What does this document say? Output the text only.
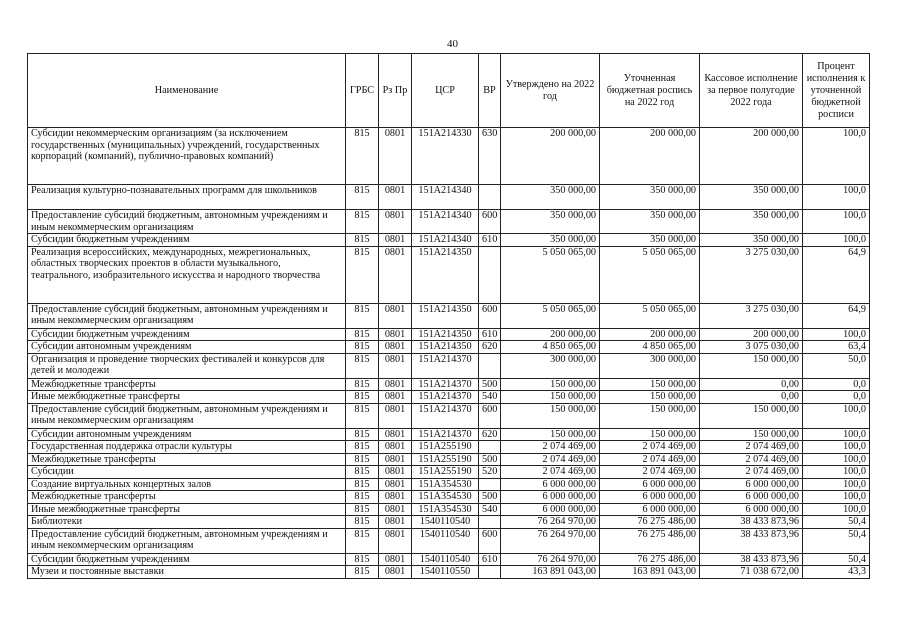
40
Наименование	ГРБС	Рз Пр	ЦСР	ВР	Утверждено на 2022 год	Уточненная бюджетная роспись на 2022 год	Кассовое исполнение за первое полугодие 2022 года	Процент исполнения к уточненной бюджетной росписи
Субсидии некоммерческим организациям (за исключением государственных (муниципальных) учреждений, государственных корпораций (компаний), публично-правовых компаний)	815	0801	151A214330	630	200 000,00	200 000,00	200 000,00	100,0
Реализация культурно-познавательных программ для школьников	815	0801	151A214340		350 000,00	350 000,00	350 000,00	100,0
Предоставление субсидий бюджетным, автономным учреждениям и иным некоммерческим организациям	815	0801	151A214340	600	350 000,00	350 000,00	350 000,00	100,0
Субсидии бюджетным учреждениям	815	0801	151A214340	610	350 000,00	350 000,00	350 000,00	100,0
Реализация всероссийских, международных, межрегиональных, областных творческих проектов в области музыкального, театрального, изобразительного искусства и народного творчества	815	0801	151A214350		5 050 065,00	5 050 065,00	3 275 030,00	64,9
Предоставление субсидий бюджетным, автономным учреждениям и иным некоммерческим организациям	815	0801	151A214350	600	5 050 065,00	5 050 065,00	3 275 030,00	64,9
Субсидии бюджетным учреждениям	815	0801	151A214350	610	200 000,00	200 000,00	200 000,00	100,0
Субсидии автономным учреждениям	815	0801	151A214350	620	4 850 065,00	4 850 065,00	3 075 030,00	63,4
Организация и проведение творческих фестивалей и конкурсов для детей и молодежи	815	0801	151A214370		300 000,00	300 000,00	150 000,00	50,0
Межбюджетные трансферты	815	0801	151A214370	500	150 000,00	150 000,00	0,00	0,0
Иные межбюджетные трансферты	815	0801	151A214370	540	150 000,00	150 000,00	0,00	0,0
Предоставление субсидий бюджетным, автономным учреждениям и иным некоммерческим организациям	815	0801	151A214370	600	150 000,00	150 000,00	150 000,00	100,0
Субсидии автономным учреждениям	815	0801	151A214370	620	150 000,00	150 000,00	150 000,00	100,0
Государственная поддержка отрасли культуры	815	0801	151A255190		2 074 469,00	2 074 469,00	2 074 469,00	100,0
Межбюджетные трансферты	815	0801	151A255190	500	2 074 469,00	2 074 469,00	2 074 469,00	100,0
Субсидии	815	0801	151A255190	520	2 074 469,00	2 074 469,00	2 074 469,00	100,0
Создание виртуальных концертных залов	815	0801	151A354530		6 000 000,00	6 000 000,00	6 000 000,00	100,0
Межбюджетные трансферты	815	0801	151A354530	500	6 000 000,00	6 000 000,00	6 000 000,00	100,0
Иные межбюджетные трансферты	815	0801	151A354530	540	6 000 000,00	6 000 000,00	6 000 000,00	100,0
Библиотеки	815	0801	1540110540		76 264 970,00	76 275 486,00	38 433 873,96	50,4
Предоставление субсидий бюджетным, автономным учреждениям и иным некоммерческим организациям	815	0801	1540110540	600	76 264 970,00	76 275 486,00	38 433 873,96	50,4
Субсидии бюджетным учреждениям	815	0801	1540110540	610	76 264 970,00	76 275 486,00	38 433 873,96	50,4
Музеи и постоянные выставки	815	0801	1540110550		163 891 043,00	163 891 043,00	71 038 672,00	43,3
